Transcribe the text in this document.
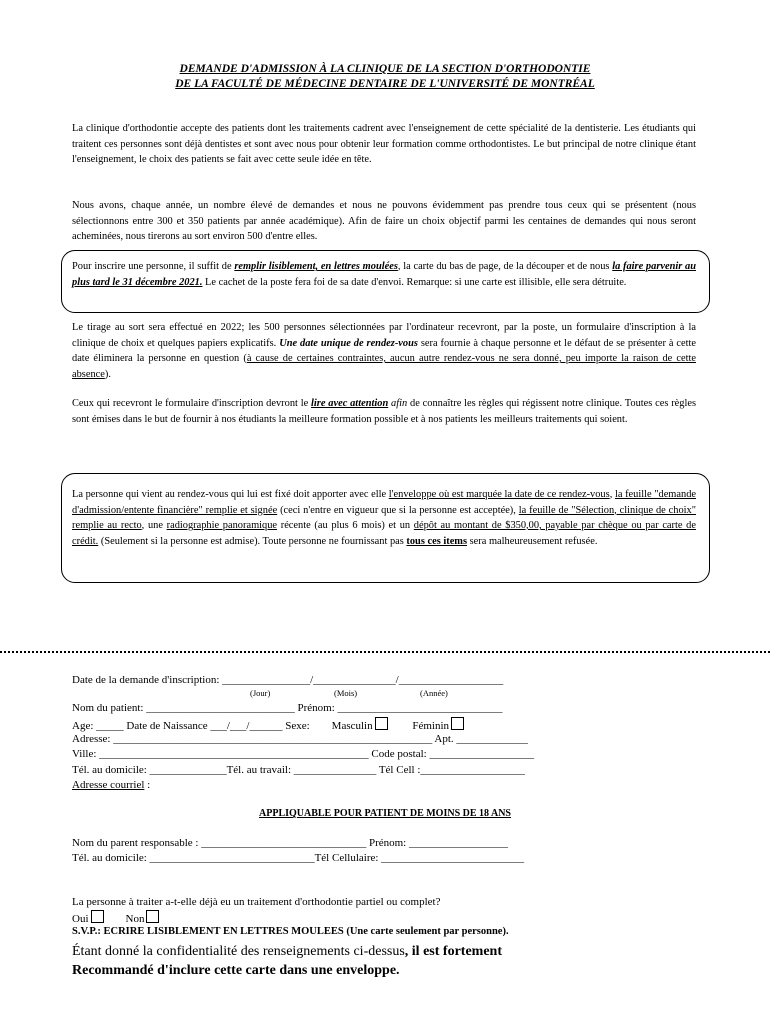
DEMANDE D'ADMISSION À LA CLINIQUE DE LA SECTION D'ORTHODONTIE
DE LA FACULTÉ DE MÉDECINE DENTAIRE DE L'UNIVERSITÉ DE MONTRÉAL
La clinique d'orthodontie accepte des patients dont les traitements cadrent avec l'enseignement de cette spécialité de la dentisterie. Les étudiants qui traitent ces personnes sont déjà dentistes et sont avec nous pour obtenir leur formation comme orthodontistes. Le but principal de notre clinique étant l'enseignement, le choix des patients se fait avec cette seule idée en tête.
Nous avons, chaque année, un nombre élevé de demandes et nous ne pouvons évidemment pas prendre tous ceux qui se présentent (nous sélectionnons entre 300 et 350 patients par année académique). Afin de faire un choix objectif parmi les centaines de demandes qui nous seront acheminées, nous tirerons au sort environ 500 d'entre elles.
Pour inscrire une personne, il suffit de remplir lisiblement, en lettres moulées, la carte du bas de page, de la découper et de nous la faire parvenir au plus tard le 31 décembre 2021. Le cachet de la poste fera foi de sa date d'envoi. Remarque: si une carte est illisible, elle sera détruite.
Le tirage au sort sera effectué en 2022; les 500 personnes sélectionnées par l'ordinateur recevront, par la poste, un formulaire d'inscription à la clinique de choix et quelques papiers explicatifs. Une date unique de rendez-vous sera fournie à chaque personne et le défaut de se présenter à cette date éliminera la personne en question (à cause de certaines contraintes, aucun autre rendez-vous ne sera donné, peu importe la raison de cette absence).
Ceux qui recevront le formulaire d'inscription devront le lire avec attention afin de connaître les règles qui régissent notre clinique. Toutes ces règles sont émises dans le but de fournir à nos étudiants la meilleure formation possible et à nos patients les meilleurs traitements qui soient.
La personne qui vient au rendez-vous qui lui est fixé doit apporter avec elle l'enveloppe où est marquée la date de ce rendez-vous, la feuille "demande d'admission/entente financière" remplie et signée (ceci n'entre en vigueur que si la personne est acceptée), la feuille de "Sélection, clinique de choix" remplie au recto, une radiographie panoramique récente (au plus 6 mois) et un dépôt au montant de $350,00, payable par chèque ou par carte de crédit. (Seulement si la personne est admise). Toute personne ne fournissant pas tous ces items sera malheureusement refusée.
Date de la demande d'inscription: ________________/_______________/___________________
(Jour)	(Mois)	(Année)
Nom du patient: ___________________________ Prénom: ______________________________
Age: _____ Date de Naissance ___/___/______ Sexe: Masculin	Féminin
Adresse: __________________________________________________________ Apt. _____________
Ville: _________________________________________________ Code postal: ___________________
Tél. au domicile: ______________Tél. au travail: _______________ Tél Cell :___________________
Adresse courriel :
APPLIQUABLE POUR PATIENT DE MOINS DE 18 ANS
Nom du parent responsable : ______________________________ Prénom: __________________
Tél. au domicile: ______________________________Tél Cellulaire: __________________________
La personne à traiter a-t-elle déjà eu un traitement d'orthodontie partiel ou complet?
Oui	Non
S.V.P.: ECRIRE LISIBLEMENT EN LETTRES MOULEES (Une carte seulement par personne).
Étant donné la confidentialité des renseignements ci-dessus, il est fortement
Recommandé d'inclure cette carte dans une enveloppe.
